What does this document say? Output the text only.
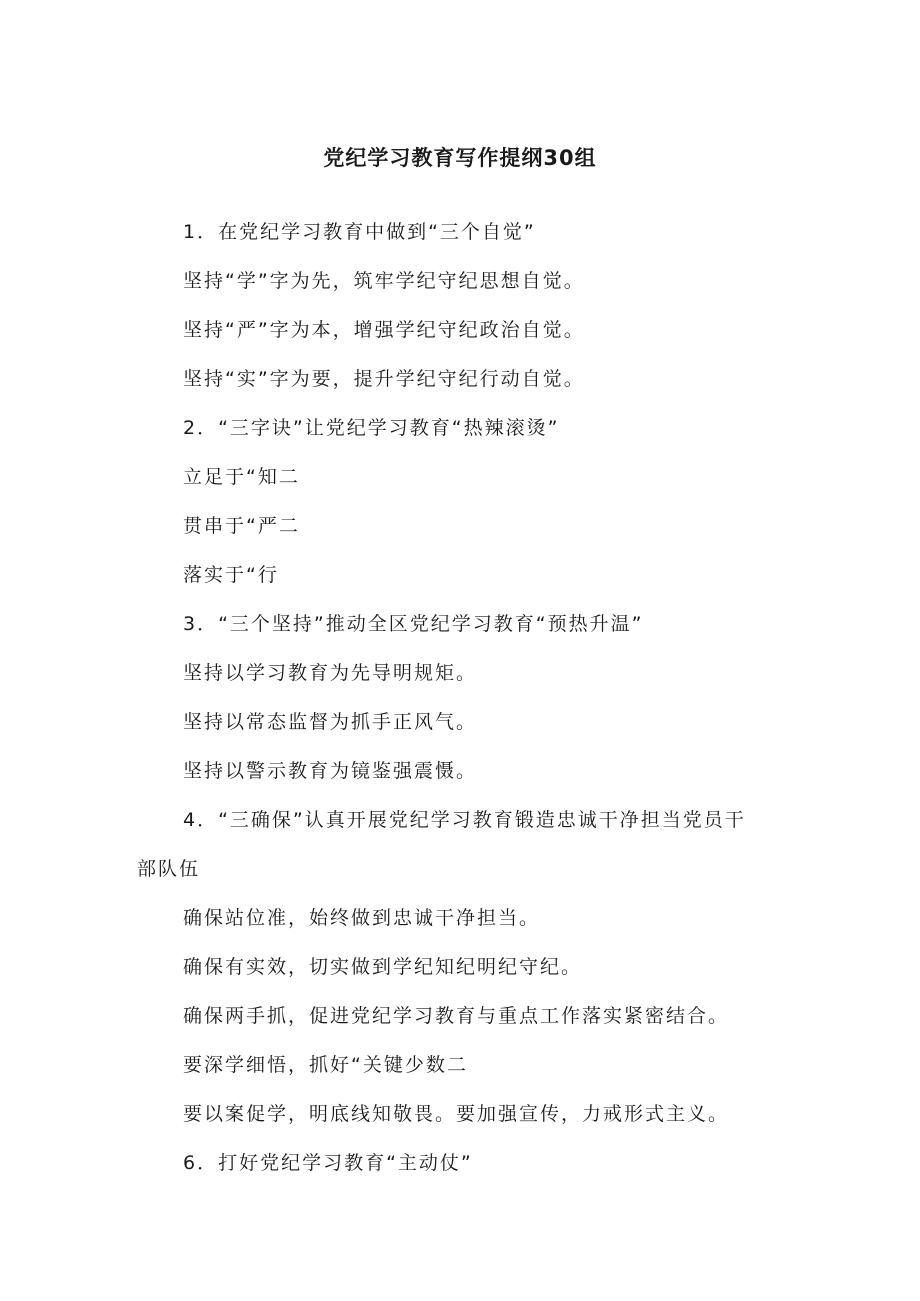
党纪学习教育写作提纲30组
1．在党纪学习教育中做到“三个自觉”
坚持“学”字为先，筑牢学纪守纪思想自觉。
坚持“严”字为本，增强学纪守纪政治自觉。
坚持“实”字为要，提升学纪守纪行动自觉。
2．“三字诀”让党纪学习教育“热辣滚烫”
立足于“知二
贯串于“严二
落实于“行
3．“三个坚持”推动全区党纪学习教育“预热升温”
坚持以学习教育为先导明规矩。
坚持以常态监督为抓手正风气。
坚持以警示教育为镜鉴强震慑。
4．“三确保”认真开展党纪学习教育锻造忠诚干净担当党员干
部队伍
确保站位准，始终做到忠诚干净担当。
确保有实效，切实做到学纪知纪明纪守纪。
确保两手抓，促进党纪学习教育与重点工作落实紧密结合。
要深学细悟，抓好“关键少数二
要以案促学，明底线知敬畏。要加强宣传，力戒形式主义。
6．打好党纪学习教育“主动仗”
